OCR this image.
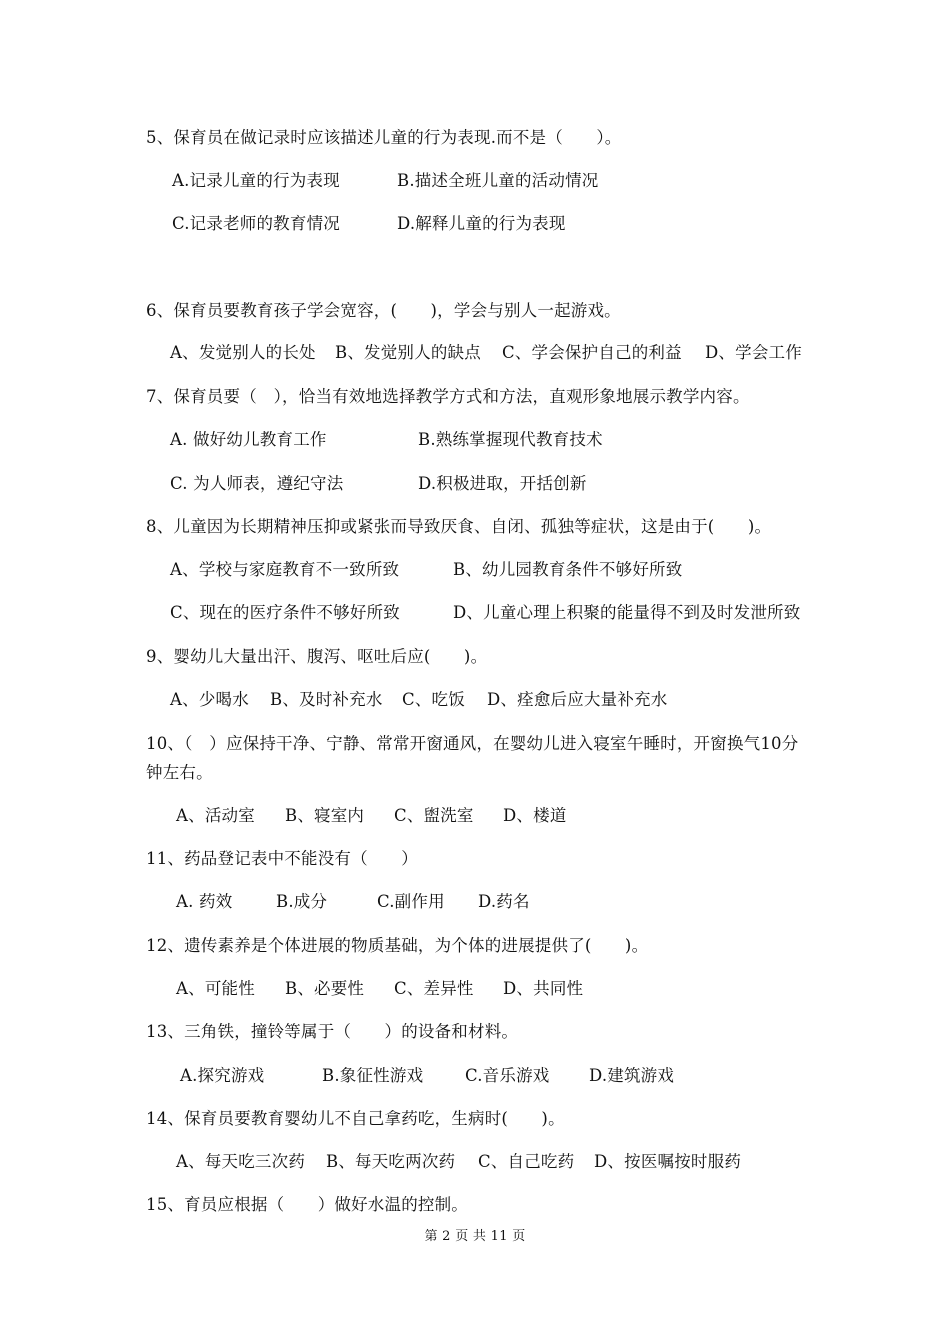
5、保育员在做记录时应该描述儿童的行为表现.而不是（　　）。
A.记录儿童的行为表现	B.描述全班儿童的活动情况
C.记录老师的教育情况	D.解释儿童的行为表现
6、保育员要教育孩子学会宽容，(　　)，学会与别人一起游戏。
A、发觉别人的长处 B、发觉别人的缺点 C、学会保护自己的利益 D、学会工作
7、保育员要（　），恰当有效地选择教学方式和方法，直观形象地展示教学内容。
A. 做好幼儿教育工作	B.熟练掌握现代教育技术
C. 为人师表，遵纪守法	D.积极进取，开括创新
8、儿童因为长期精神压抑或紧张而导致厌食、自闭、孤独等症状，这是由于(　　)。
A、学校与家庭教育不一致所致	B、幼儿园教育条件不够好所致
C、现在的医疗条件不够好所致	D、儿童心理上积聚的能量得不到及时发泄所致
9、婴幼儿大量出汗、腹泻、呕吐后应(　　)。
A、少喝水 B、及时补充水 C、吃饭 D、痊愈后应大量补充水
10、（　）应保持干净、宁静、常常开窗通风，在婴幼儿进入寝室午睡时，开窗换气10分
钟左右。
A、活动室 B、寝室内 C、盥洗室 D、楼道
11、药品登记表中不能没有（　　）
A. 药效	B.成分	C.副作用 D.药名
12、遗传素养是个体进展的物质基础，为个体的进展提供了(　　)。
A、可能性 B、必要性 C、差异性 D、共同性
13、三角铁，撞铃等属于（　　）的设备和材料。
A.探究游戏	B.象征性游戏	C.音乐游戏 D.建筑游戏
14、保育员要教育婴幼儿不自己拿药吃，生病时(　　)。
A、每天吃三次药 B、每天吃两次药 C、自己吃药 D、按医嘱按时服药
15、育员应根据（　　）做好水温的控制。
第 2 页 共 11 页
